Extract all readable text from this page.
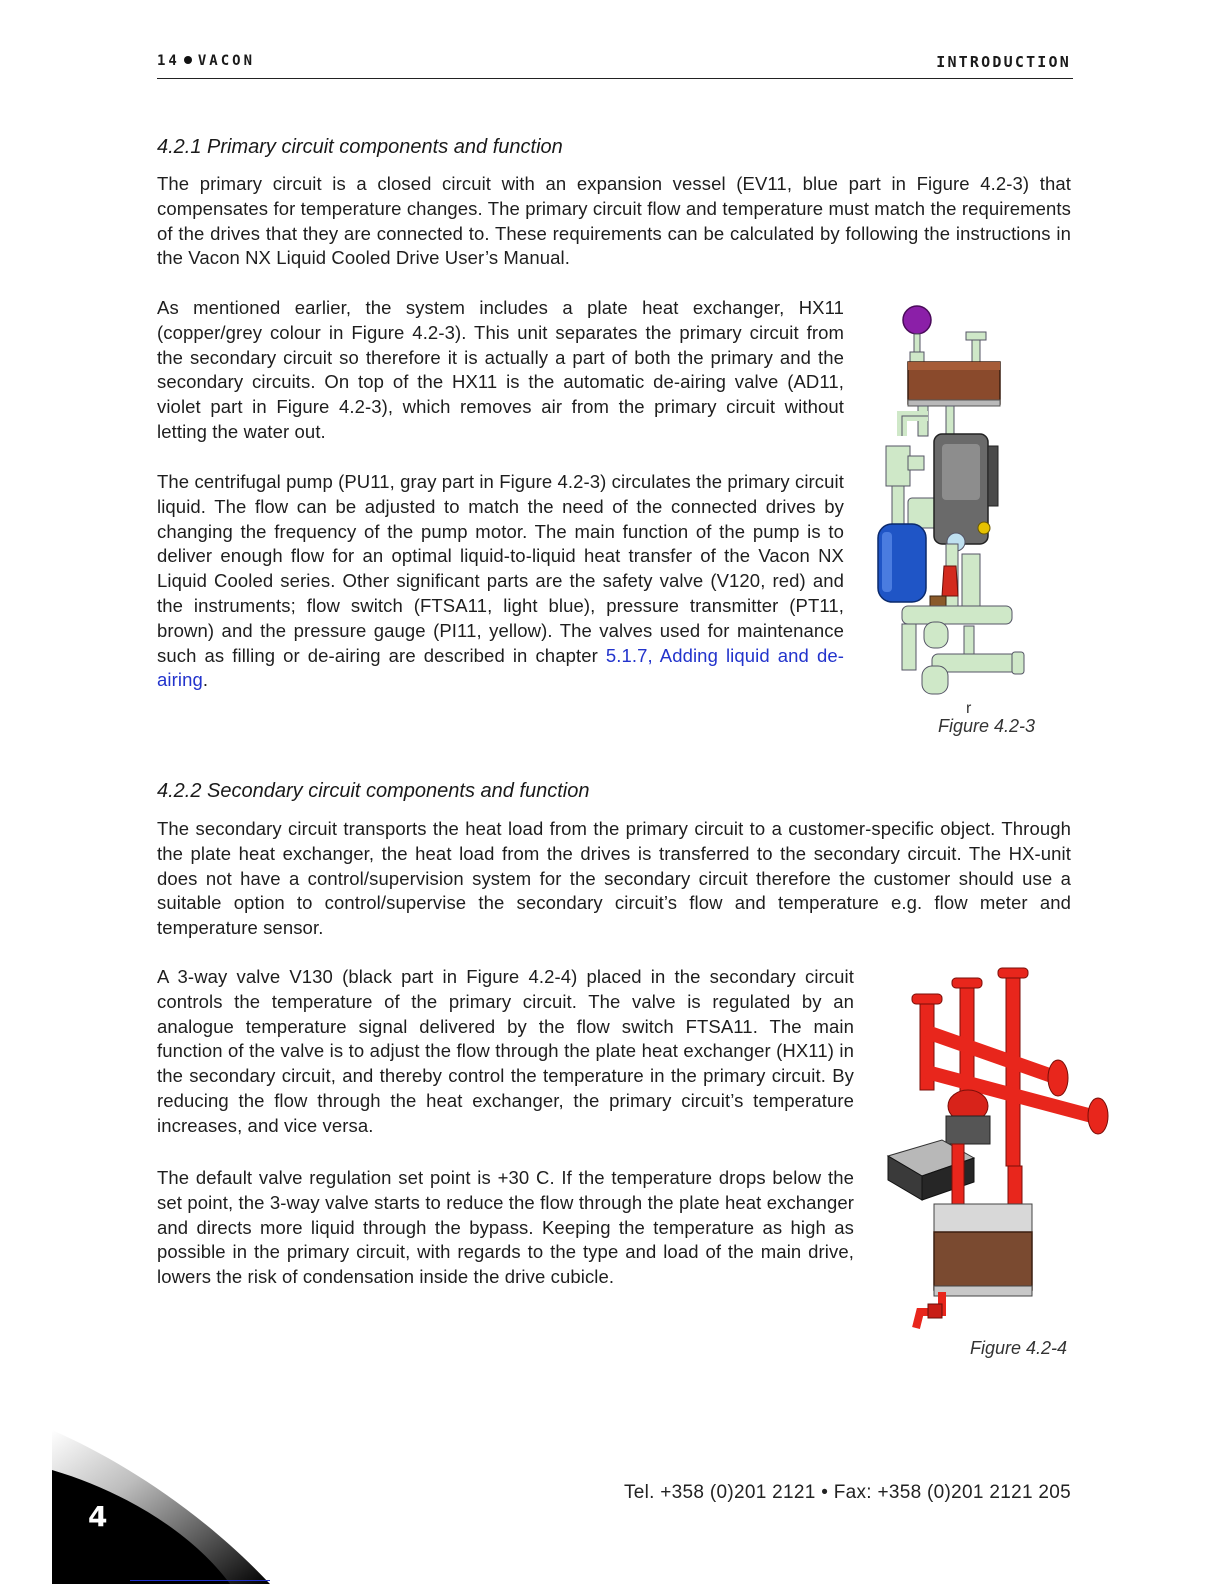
14 VACON	INTRODUCTION
4.2.1 Primary circuit components and function

The primary circuit is a closed circuit with an expansion vessel (EV11, blue part in Figure 4.2-3) that compensates for temperature changes. The primary circuit flow and temperature must match the requirements of the drives that they are connected to. These requirements can be calculated by following the instructions in the Vacon NX Liquid Cooled Drive User’s Manual.

As mentioned earlier, the system includes a plate heat exchanger, HX11 (copper/grey colour in Figure 4.2-3). This unit separates the primary circuit from the secondary circuit so therefore it is actually a part of both the primary and the secondary circuits. On top of the HX11 is the automatic de-airing valve (AD11, violet part in Figure 4.2-3), which removes air from the primary circuit without letting the water out.

The centrifugal pump (PU11, gray part in Figure 4.2-3) circulates the primary circuit liquid. The flow can be adjusted to match the need of the connected drives by changing the frequency of the pump motor. The main function of the pump is to deliver enough flow for an optimal liquid-to-liquid heat transfer of the Vacon NX Liquid Cooled series. Other significant parts are the safety valve (V120, red) and the instruments; flow switch (FTSA11, light blue), pressure transmitter (PT11, brown) and the pressure gauge (PI11, yellow). The valves used for maintenance such as filling or de-airing are described in chapter 5.1.7, Adding liquid and de-airing.

r
Figure 4.2-3
4.2.2 Secondary circuit components and function

The secondary circuit transports the heat load from the primary circuit to a customer-specific object. Through the plate heat exchanger, the heat load from the drives is transferred to the secondary circuit. The HX-unit does not have a control/supervision system for the secondary circuit therefore the customer should use a suitable option to control/supervise the secondary circuit’s flow and temperature e.g. flow meter and temperature sensor.

A 3-way valve V130 (black part in Figure 4.2-4) placed in the secondary circuit controls the temperature of the primary circuit. The valve is regulated by an analogue temperature signal delivered by the flow switch FTSA11. The main function of the valve is to adjust the flow through the plate heat exchanger (HX11) in the secondary circuit, and thereby control the temperature in the primary circuit. By reducing the flow through the heat exchanger, the primary circuit’s temperature increases, and vice versa.

The default valve regulation set point is +30 C. If the temperature drops below the set point, the 3-way valve starts to reduce the flow through the plate heat exchanger and directs more liquid through the bypass. Keeping the temperature as high as possible in the primary circuit, with regards to the type and load of the main drive, lowers the risk of condensation inside the drive cubicle.

Figure 4.2-4
4
Tel. +358 (0)201 2121 • Fax: +358 (0)201 2121 205
